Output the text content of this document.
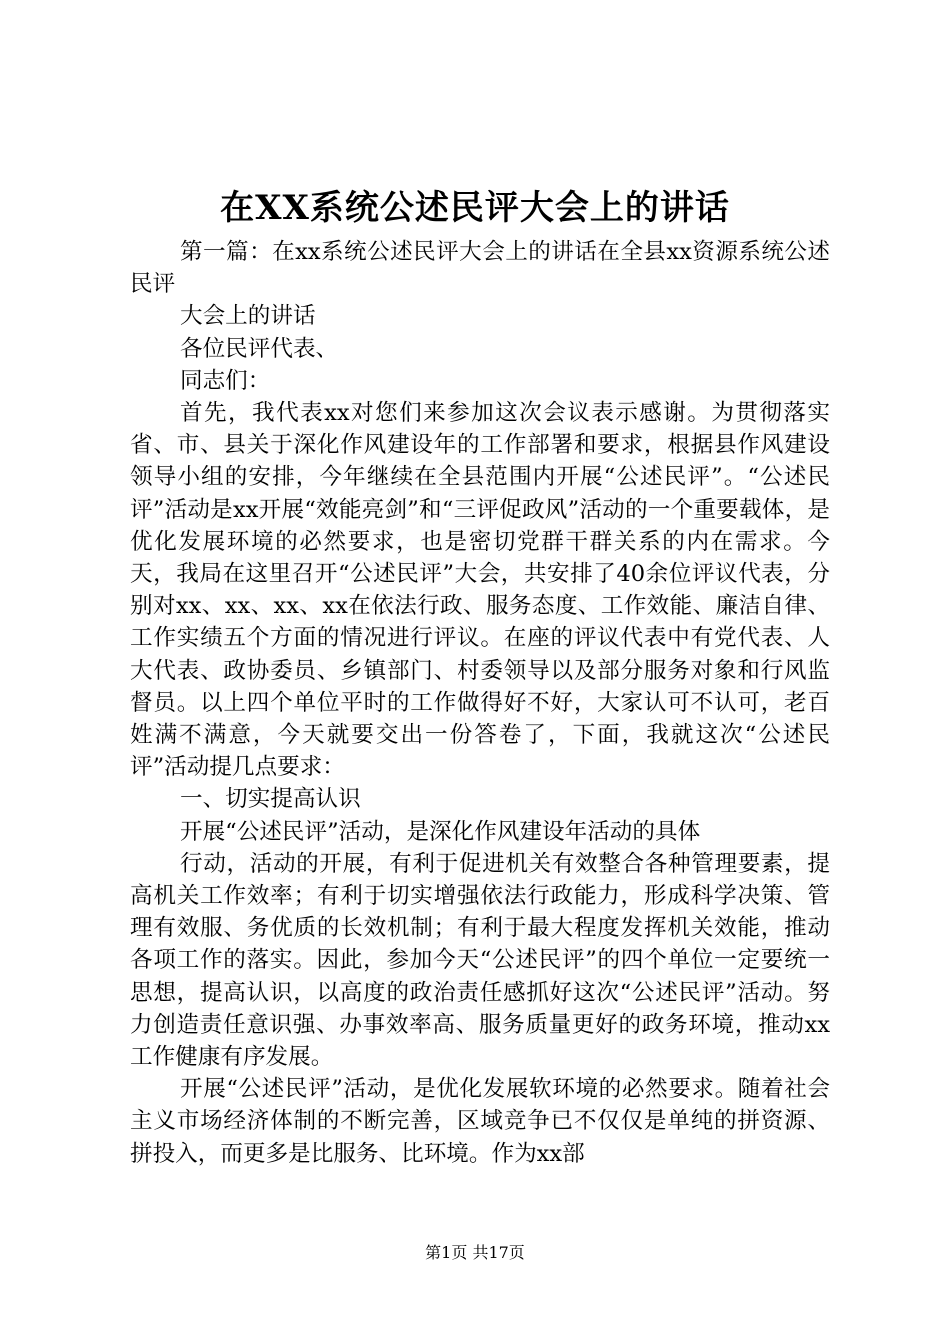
在XX系统公述民评大会上的讲话

第一篇：在xx系统公述民评大会上的讲话在全县xx资源系统公述民评

大会上的讲话

各位民评代表、

同志们：

首先，我代表xx对您们来参加这次会议表示感谢。为贯彻落实省、市、县关于深化作风建设年的工作部署和要求，根据县作风建设领导小组的安排，今年继续在全县范围内开展“公述民评”。“公述民评”活动是xx开展“效能亮剑”和“三评促政风”活动的一个重要载体，是优化发展环境的必然要求，也是密切党群干群关系的内在需求。今天，我局在这里召开“公述民评”大会，共安排了40余位评议代表，分别对xx、xx、xx、xx在依法行政、服务态度、工作效能、廉洁自律、工作实绩五个方面的情况进行评议。在座的评议代表中有党代表、人大代表、政协委员、乡镇部门、村委领导以及部分服务对象和行风监督员。以上四个单位平时的工作做得好不好，大家认可不认可，老百姓满不满意，今天就要交出一份答卷了，下面，我就这次“公述民评”活动提几点要求：

一、切实提高认识

开展“公述民评”活动，是深化作风建设年活动的具体

行动，活动的开展，有利于促进机关有效整合各种管理要素，提高机关工作效率；有利于切实增强依法行政能力，形成科学决策、管理有效服、务优质的长效机制；有利于最大程度发挥机关效能，推动各项工作的落实。因此，参加今天“公述民评”的四个单位一定要统一思想，提高认识，以高度的政治责任感抓好这次“公述民评”活动。努力创造责任意识强、办事效率高、服务质量更好的政务环境，推动xx工作健康有序发展。

开展“公述民评”活动，是优化发展软环境的必然要求。随着社会主义市场经济体制的不断完善，区域竞争已不仅仅是单纯的拼资源、拼投入，而更多是比服务、比环境。作为xx部

第1页 共17页
